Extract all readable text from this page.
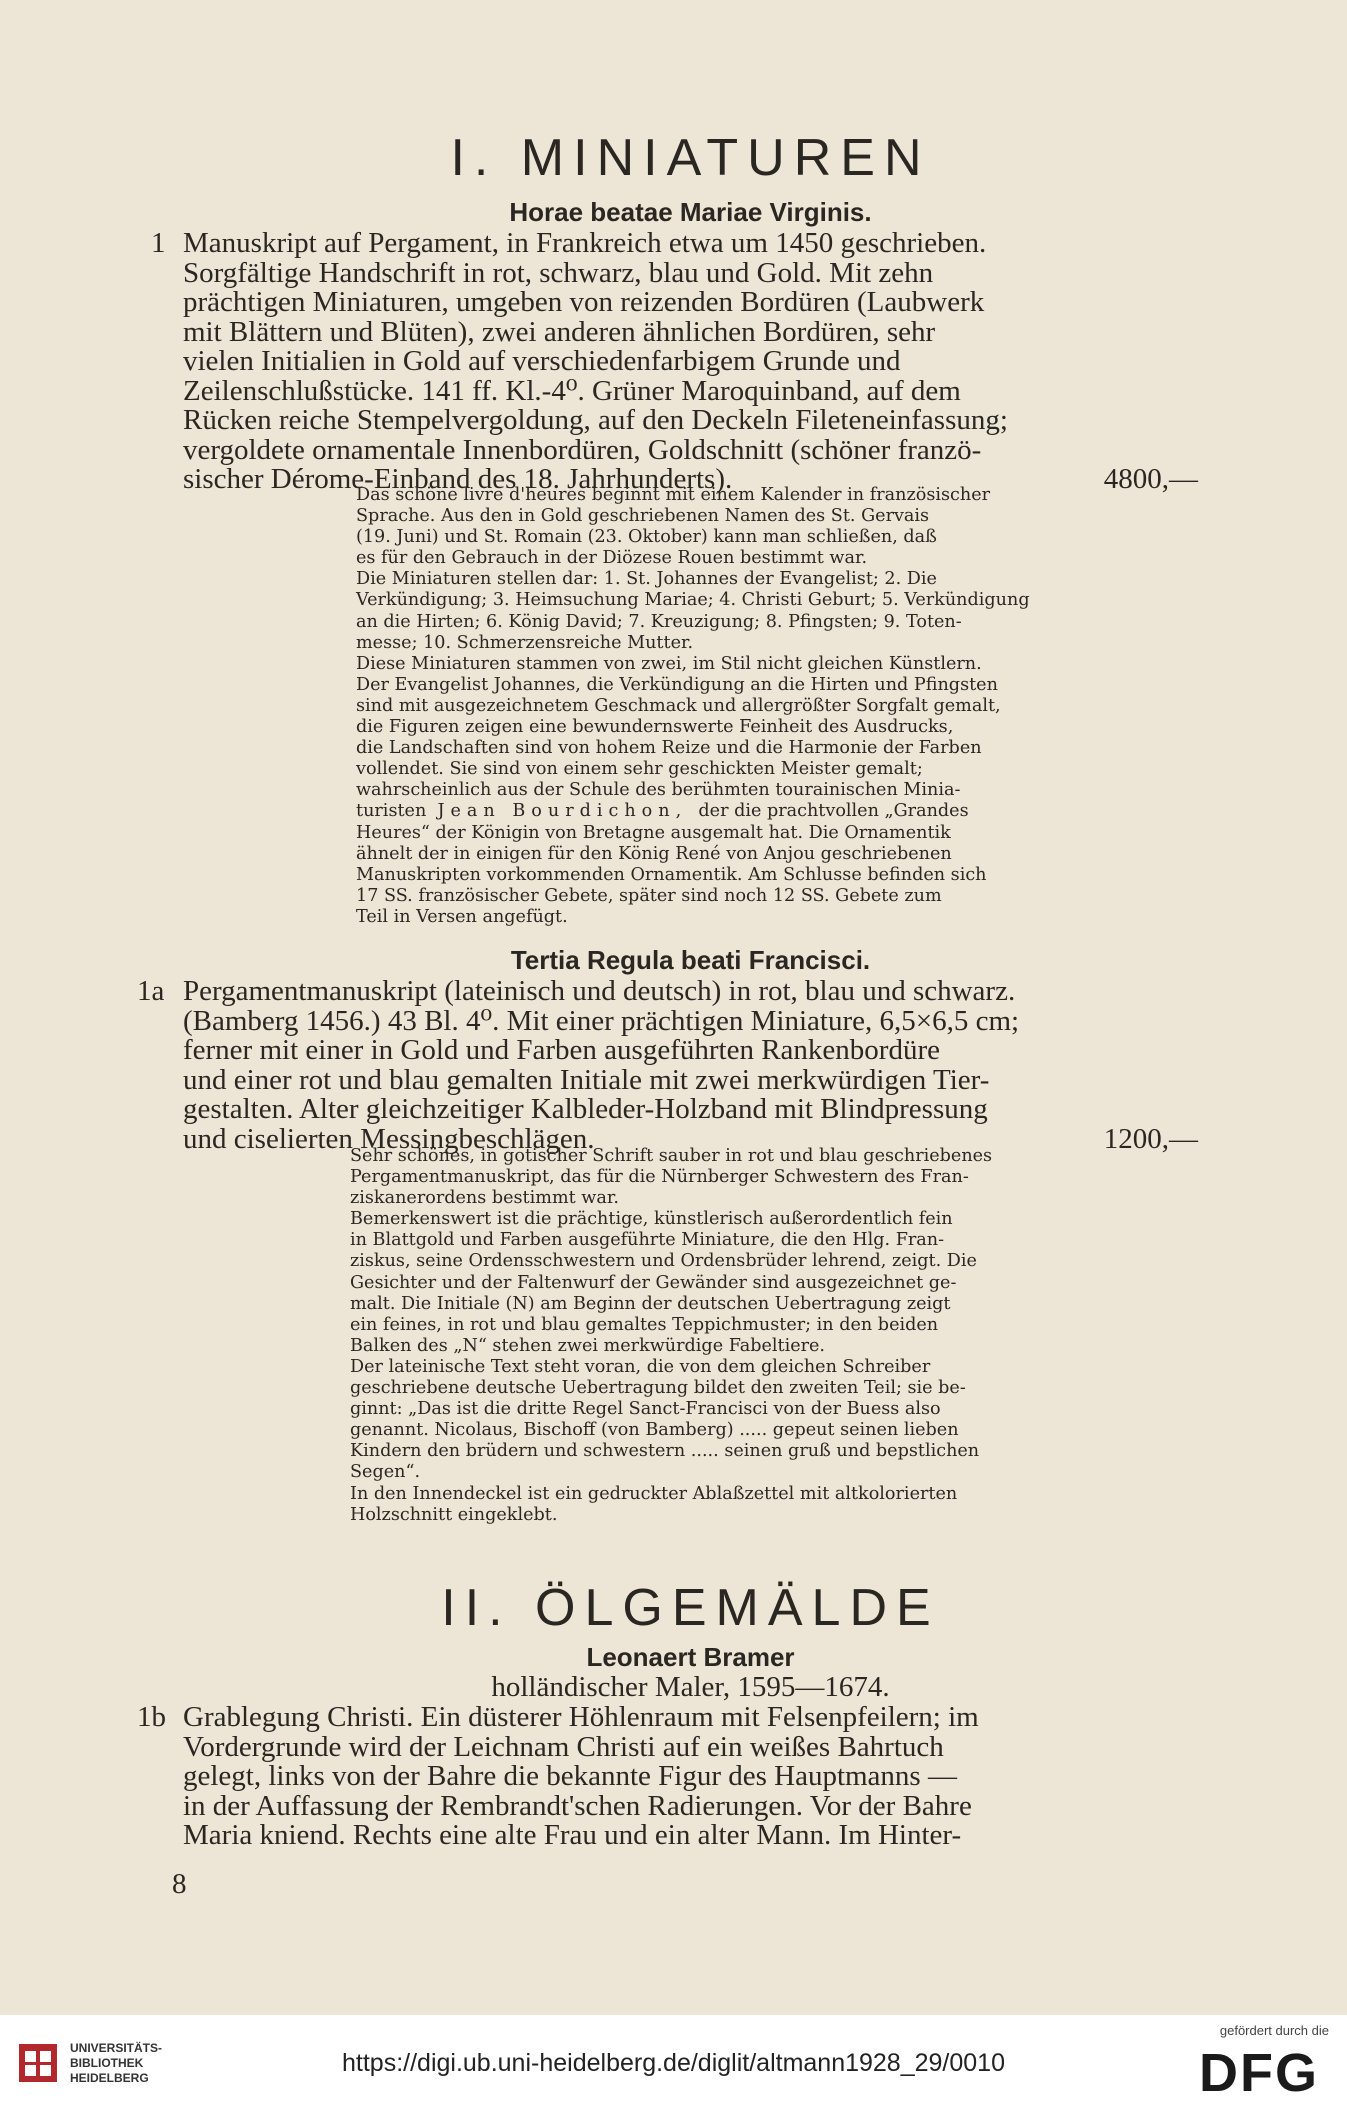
I. MINIATUREN
Horae beatae Mariae Virginis.
1 Manuskript auf Pergament, in Frankreich etwa um 1450 geschrieben.
Sorgfältige Handschrift in rot, schwarz, blau und Gold. Mit zehn
prächtigen Miniaturen, umgeben von reizenden Bordüren (Laubwerk
mit Blättern und Blüten), zwei anderen ähnlichen Bordüren, sehr
vielen Initialien in Gold auf verschiedenfarbigem Grunde und
Zeilenschlußstücke. 141 ff. Kl.-4⁰. Grüner Maroquinband, auf dem
Rücken reiche Stempelvergoldung, auf den Deckeln Fileteneinfassung;
vergoldete ornamentale Innenbordüren, Goldschnitt (schöner franzö-
sischer Dérome-Einband des 18. Jahrhunderts).	4800,—

Das schöne livre d'heures beginnt mit einem Kalender in französischer
Sprache. Aus den in Gold geschriebenen Namen des St. Gervais
(19. Juni) und St. Romain (23. Oktober) kann man schließen, daß
es für den Gebrauch in der Diözese Rouen bestimmt war.
Die Miniaturen stellen dar: 1. St. Johannes der Evangelist; 2. Die
Verkündigung; 3. Heimsuchung Mariae; 4. Christi Geburt; 5. Verkündigung
an die Hirten; 6. König David; 7. Kreuzigung; 8. Pfingsten; 9. Toten-
messe; 10. Schmerzensreiche Mutter.
Diese Miniaturen stammen von zwei, im Stil nicht gleichen Künstlern.
Der Evangelist Johannes, die Verkündigung an die Hirten und Pfingsten
sind mit ausgezeichnetem Geschmack und allergrößter Sorgfalt gemalt,
die Figuren zeigen eine bewundernswerte Feinheit des Ausdrucks,
die Landschaften sind von hohem Reize und die Harmonie der Farben
vollendet. Sie sind von einem sehr geschickten Meister gemalt;
wahrscheinlich aus der Schule des berühmten tourainischen Minia-
turisten Jean Bourdichon, der die prachtvollen „Grandes
Heures“ der Königin von Bretagne ausgemalt hat. Die Ornamentik
ähnelt der in einigen für den König René von Anjou geschriebenen
Manuskripten vorkommenden Ornamentik. Am Schlusse befinden sich
17 SS. französischer Gebete, später sind noch 12 SS. Gebete zum
Teil in Versen angefügt.
Tertia Regula beati Francisci.
1a Pergamentmanuskript (lateinisch und deutsch) in rot, blau und schwarz.
(Bamberg 1456.) 43 Bl. 4⁰. Mit einer prächtigen Miniature, 6,5×6,5 cm;
ferner mit einer in Gold und Farben ausgeführten Rankenbordüre
und einer rot und blau gemalten Initiale mit zwei merkwürdigen Tier-
gestalten. Alter gleichzeitiger Kalbleder-Holzband mit Blindpressung
und ciselierten Messingbeschlägen.	1200,—

Sehr schönes, in gotischer Schrift sauber in rot und blau geschriebenes
Pergamentmanuskript, das für die Nürnberger Schwestern des Fran-
ziskanerordens bestimmt war.
Bemerkenswert ist die prächtige, künstlerisch außerordentlich fein
in Blattgold und Farben ausgeführte Miniature, die den Hlg. Fran-
ziskus, seine Ordensschwestern und Ordensbrüder lehrend, zeigt. Die
Gesichter und der Faltenwurf der Gewänder sind ausgezeichnet ge-
malt. Die Initiale (N) am Beginn der deutschen Uebertragung zeigt
ein feines, in rot und blau gemaltes Teppichmuster; in den beiden
Balken des „N“ stehen zwei merkwürdige Fabeltiere.
Der lateinische Text steht voran, die von dem gleichen Schreiber
geschriebene deutsche Uebertragung bildet den zweiten Teil; sie be-
ginnt: „Das ist die dritte Regel Sanct-Francisci von der Buess also
genannt. Nicolaus, Bischoff (von Bamberg) ..... gepeut seinen lieben
Kindern den brüdern und schwestern ..... seinen gruß und bepstlichen
Segen“.
In den Innendeckel ist ein gedruckter Ablaßzettel mit altkolorierten
Holzschnitt eingeklebt.
II. ÖLGEMÄLDE
Leonaert Bramer

holländischer Maler, 1595—1674.

1b Grablegung Christi. Ein düsterer Höhlenraum mit Felsenpfeilern; im
Vordergrunde wird der Leichnam Christi auf ein weißes Bahrtuch
gelegt, links von der Bahre die bekannte Figur des Hauptmanns —
in der Auffassung der Rembrandt'schen Radierungen. Vor der Bahre
Maria kniend. Rechts eine alte Frau und ein alter Mann. Im Hinter-

8

UNIVERSITÄTS-
BIBLIOTHEK
HEIDELBERG
https://digi.ub.uni-heidelberg.de/diglit/altmann1928_29/0010
gefördert durch die
DFG
